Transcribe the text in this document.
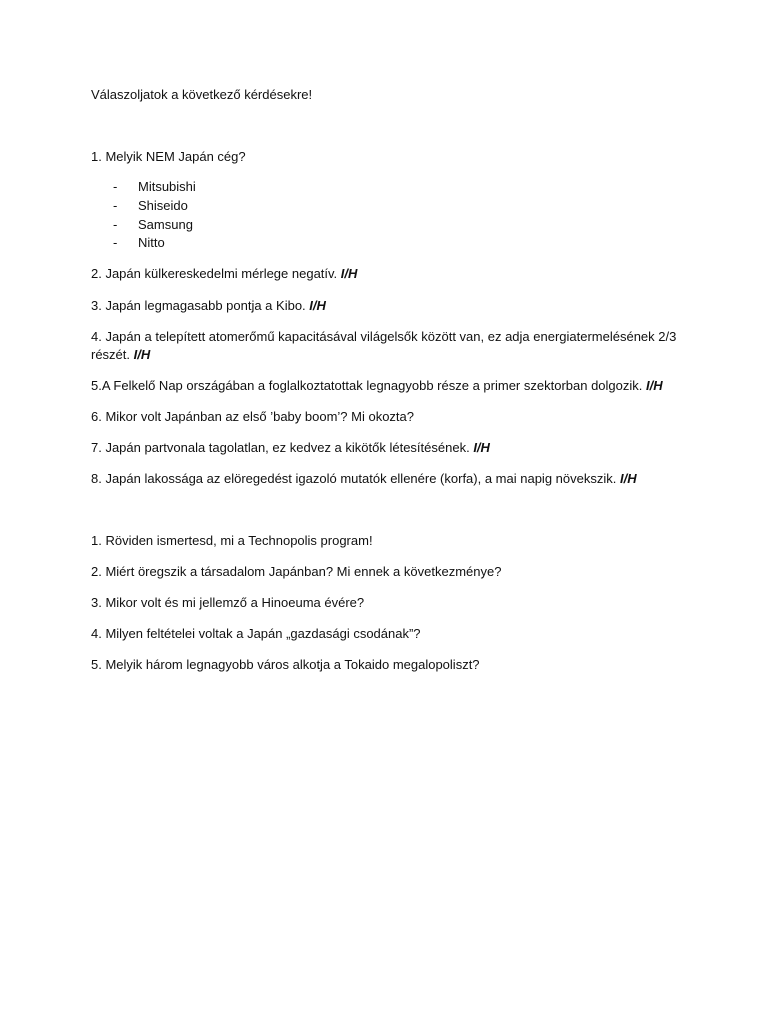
Válaszoljatok a következő kérdésekre!
1. Melyik NEM Japán cég?
- Mitsubishi
- Shiseido
- Samsung
- Nitto
2. Japán külkereskedelmi mérlege negatív. I/H
3. Japán legmagasabb pontja a Kibo. I/H
4. Japán a telepített atomerőmű kapacitásával világelsők között van, ez adja energiatermelésének 2/3
részét. I/H
5.A Felkelő Nap országában a foglalkoztatottak legnagyobb része a primer szektorban dolgozik. I/H
6. Mikor volt Japánban az első ’baby boom’? Mi okozta?
7. Japán partvonala tagolatlan, ez kedvez a kikötők létesítésének. I/H
8. Japán lakossága az elöregedést igazoló mutatók ellenére (korfa), a mai napig növekszik. I/H
1. Röviden ismertesd, mi a Technopolis program!
2. Miért öregszik a társadalom Japánban? Mi ennek a következménye?
3. Mikor volt és mi jellemző a Hinoeuma évére?
4. Milyen feltételei voltak a Japán „gazdasági csodának”?
5. Melyik három legnagyobb város alkotja a Tokaido megalopoliszt?
